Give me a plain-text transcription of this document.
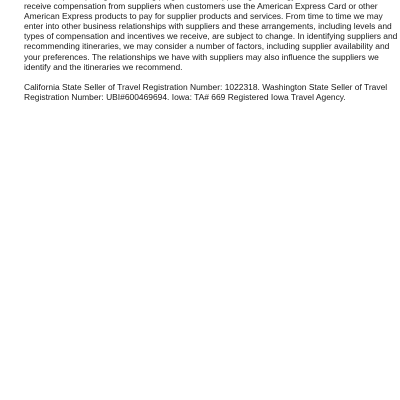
receive compensation from suppliers when customers use the American Express Card or other
American Express products to pay for supplier products and services. From time to time we may
enter into other business relationships with suppliers and these arrangements, including levels and
types of compensation and incentives we receive, are subject to change. In identifying suppliers and
recommending itineraries, we may consider a number of factors, including supplier availability and
your preferences. The relationships we have with suppliers may also influence the suppliers we
identify and the itineraries we recommend.

California State Seller of Travel Registration Number: 1022318. Washington State Seller of Travel
Registration Number: UBI#600469694. Iowa: TA# 669 Registered Iowa Travel Agency.
